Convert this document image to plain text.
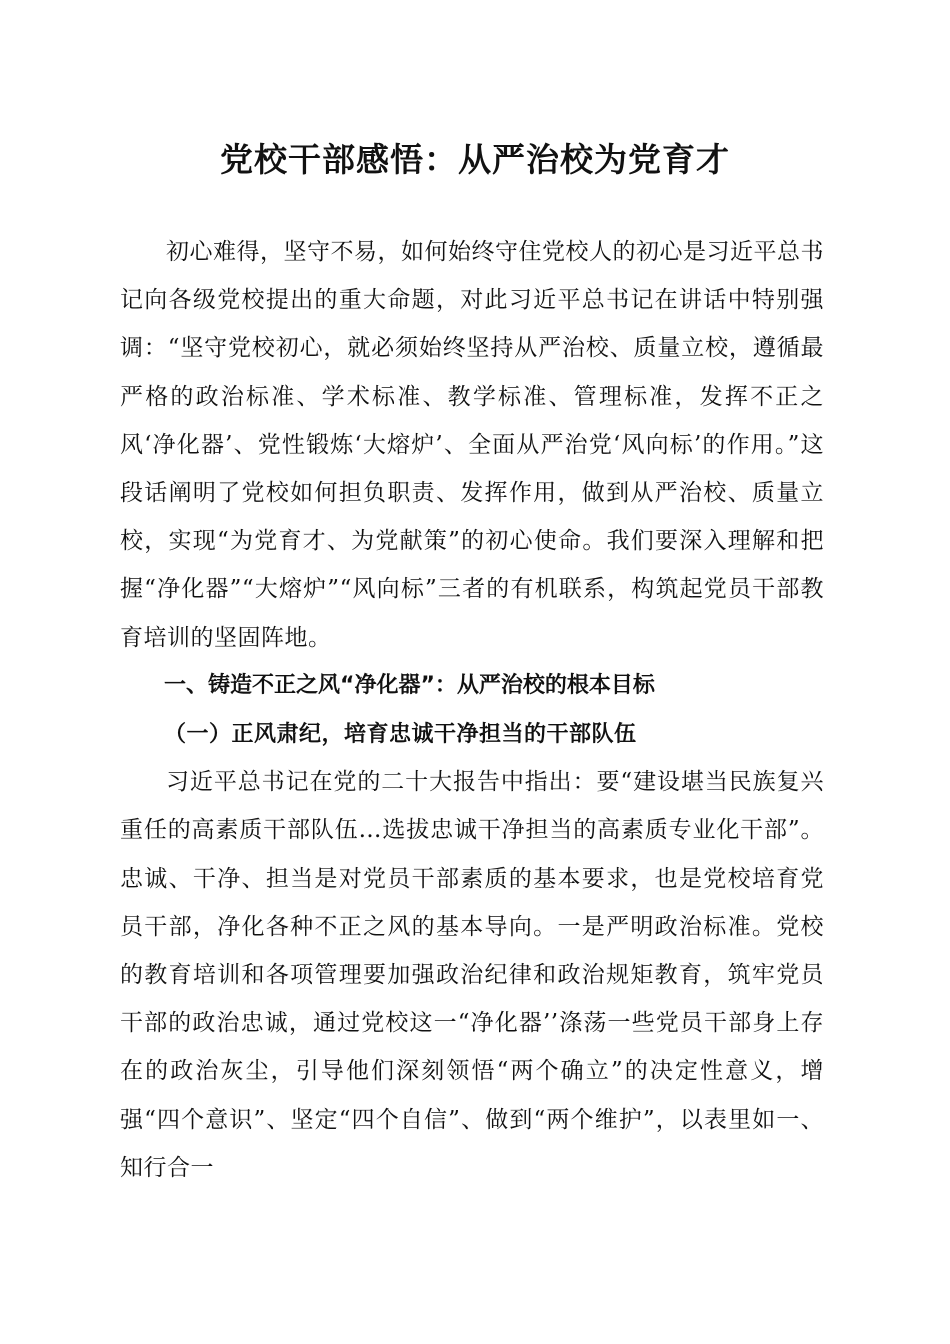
党校干部感悟：从严治校为党育才

初心难得，坚守不易，如何始终守住党校人的初心是习近平总书记向各级党校提出的重大命题，对此习近平总书记在讲话中特别强调：“坚守党校初心，就必须始终坚持从严治校、质量立校，遵循最严格的政治标准、学术标准、教学标准、管理标准，发挥不正之风‘净化器’、党性锻炼‘大熔炉’、全面从严治党‘风向标’的作用。”这段话阐明了党校如何担负职责、发挥作用，做到从严治校、质量立校，实现“为党育才、为党献策”的初心使命。我们要深入理解和把握“净化器”“大熔炉”“风向标”三者的有机联系，构筑起党员干部教育培训的坚固阵地。

一、铸造不正之风“净化器”：从严治校的根本目标
（一）正风肃纪，培育忠诚干净担当的干部队伍

习近平总书记在党的二十大报告中指出：要“建设堪当民族复兴重任的高素质干部队伍…选拔忠诚干净担当的高素质专业化干部”。忠诚、干净、担当是对党员干部素质的基本要求，也是党校培育党员干部，净化各种不正之风的基本导向。一是严明政治标准。党校的教育培训和各项管理要加强政治纪律和政治规矩教育，筑牢党员干部的政治忠诚，通过党校这一“净化器’’涤荡一些党员干部身上存在的政治灰尘，引导他们深刻领悟“两个确立”的决定性意义，增强“四个意识”、坚定“四个自信”、做到“两个维护”，以表里如一、知行合一
